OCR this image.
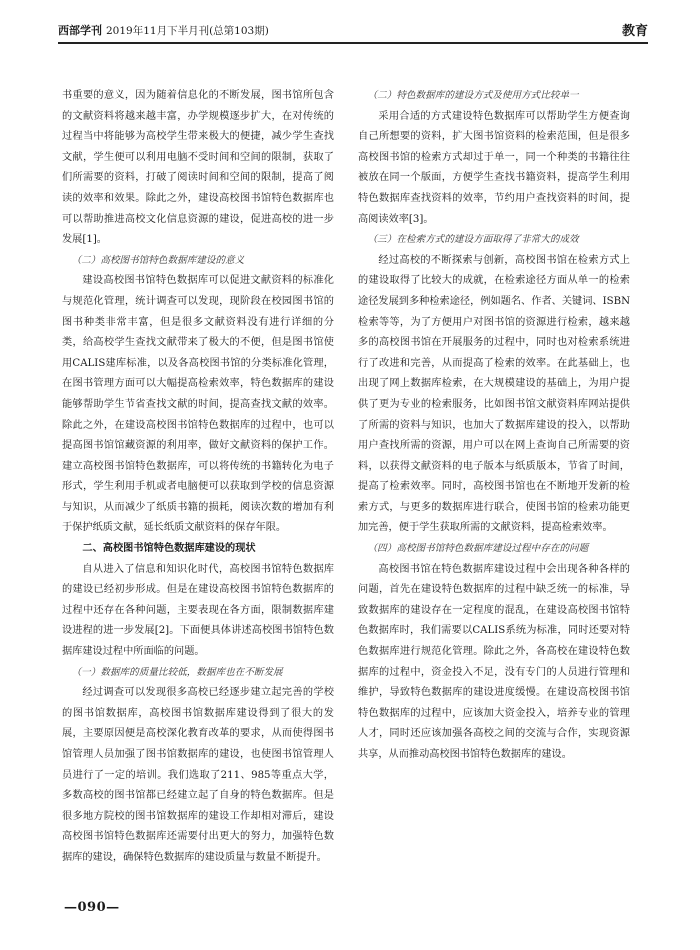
西部学刊 2019年11月下半月刊(总第103期)	教育

书重要的意义，因为随着信息化的不断发展，图书馆所包含的文献资料将越来越丰富，办学规模逐步扩大，在对传统的过程当中将能够为高校学生带来极大的便捷，减少学生查找文献，学生便可以利用电脑不受时间和空间的限制，获取了们所需要的资料，打破了阅读时间和空间的限制，提高了阅读的效率和效果。除此之外，建设高校图书馆特色数据库也可以帮助推进高校文化信息资源的建设，促进高校的进一步发展[1]。

（二）高校图书馆特色数据库建设的意义

建设高校图书馆特色数据库可以促进文献资料的标准化与规范化管理，统计调查可以发现，现阶段在校园图书馆的图书种类非常丰富，但是很多文献资料没有进行详细的分类，给高校学生查找文献带来了极大的不便，但是图书馆使用CALIS建库标准，以及各高校图书馆的分类标准化管理，在图书管理方面可以大幅提高检索效率，特色数据库的建设能够帮助学生节省查找文献的时间，提高查找文献的效率。除此之外，在建设高校图书馆特色数据库的过程中，也可以提高图书馆馆藏资源的利用率，做好文献资料的保护工作。建立高校图书馆特色数据库，可以将传统的书籍转化为电子形式，学生利用手机或者电脑便可以获取到学校的信息资源与知识，从而减少了纸质书籍的损耗，阅读次数的增加有利于保护纸质文献，延长纸质文献资料的保存年限。

二、高校图书馆特色数据库建设的现状

自从进入了信息和知识化时代，高校图书馆特色数据库的建设已经初步形成。但是在建设高校图书馆特色数据库的过程中还存在各种问题，主要表现在各方面，限制数据库建设进程的进一步发展[2]。下面便具体讲述高校图书馆特色数据库建设过程中所面临的问题。

（一）数据库的质量比较低，数据库也在不断发展

经过调查可以发现很多高校已经逐步建立起完善的学校的图书馆数据库，高校图书馆数据库建设得到了很大的发展，主要原因便是高校深化教育改革的要求，从而使得图书馆管理人员加强了图书馆数据库的建设，也使图书馆管理人员进行了一定的培训。我们选取了211、985等重点大学，多数高校的图书馆都已经建立起了自身的特色数据库。但是很多地方院校的图书馆数据库的建设工作却相对滞后，建设高校图书馆特色数据库还需要付出更大的努力，加强特色数据库的建设，确保特色数据库的建设质量与数量不断提升。

（二）特色数据库的建设方式及使用方式比较单一

采用合适的方式建设特色数据库可以帮助学生方便查询自己所想要的资料，扩大图书馆资料的检索范围，但是很多高校图书馆的检索方式却过于单一，同一个种类的书籍往往被放在同一个版面，方便学生查找书籍资料，提高学生利用特色数据库查找资料的效率，节约用户查找资料的时间，提高阅读效率[3]。

（三）在检索方式的建设方面取得了非常大的成效

经过高校的不断探索与创新，高校图书馆在检索方式上的建设取得了比较大的成就，在检索途径方面从单一的检索途径发展到多种检索途径，例如题名、作者、关键词、ISBN检索等等，为了方便用户对图书馆的资源进行检索，越来越多的高校图书馆在开展服务的过程中，同时也对检索系统进行了改进和完善，从而提高了检索的效率。在此基础上，也出现了网上数据库检索，在大规模建设的基础上，为用户提供了更为专业的检索服务，比如图书馆文献资料库网站提供了所需的资料与知识，也加大了数据库建设的投入，以帮助用户查找所需的资源，用户可以在网上查询自己所需要的资料，以获得文献资料的电子版本与纸质版本，节省了时间，提高了检索效率。同时，高校图书馆也在不断地开发新的检索方式，与更多的数据库进行联合，使图书馆的检索功能更加完善，便于学生获取所需的文献资料，提高检索效率。

（四）高校图书馆特色数据库建设过程中存在的问题

高校图书馆在特色数据库建设过程中会出现各种各样的问题，首先在建设特色数据库的过程中缺乏统一的标准，导致数据库的建设存在一定程度的混乱，在建设高校图书馆特色数据库时，我们需要以CALIS系统为标准，同时还要对特色数据库进行规范化管理。除此之外，各高校在建设特色数据库的过程中，资金投入不足，没有专门的人员进行管理和维护，导致特色数据库的建设进度缓慢。在建设高校图书馆特色数据库的过程中，应该加大资金投入，培养专业的管理人才，同时还应该加强各高校之间的交流与合作，实现资源共享，从而推动高校图书馆特色数据库的建设。

—090—
